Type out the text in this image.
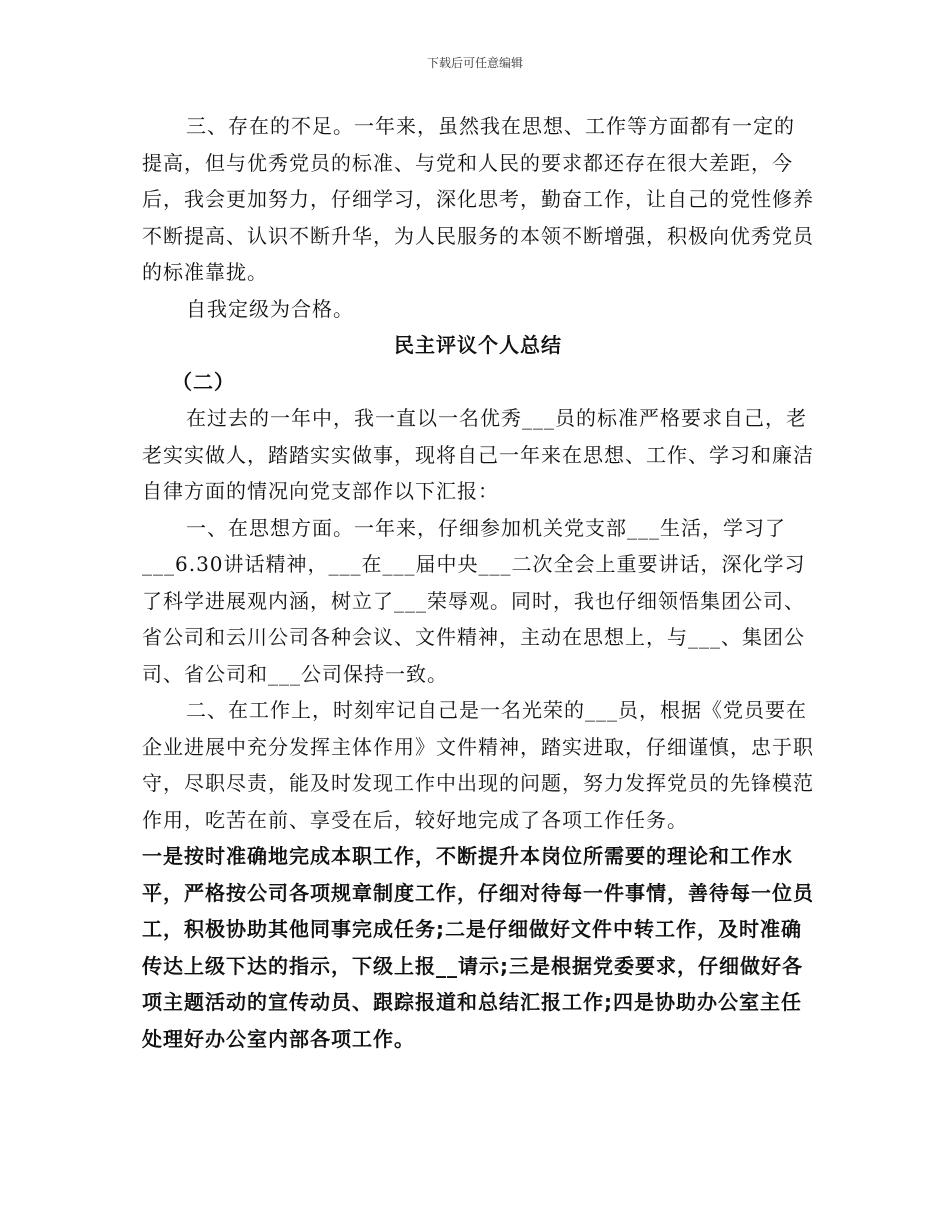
下载后可任意编辑

三、存在的不足。一年来，虽然我在思想、工作等方面都有一定的提高，但与优秀党员的标准、与党和人民的要求都还存在很大差距，今后，我会更加努力，仔细学习，深化思考，勤奋工作，让自己的党性修养不断提高、认识不断升华，为人民服务的本领不断增强，积极向优秀党员的标准靠拢。

自我定级为合格。

民主评议个人总结

（二）

在过去的一年中，我一直以一名优秀___员的标准严格要求自己，老老实实做人，踏踏实实做事，现将自己一年来在思想、工作、学习和廉洁自律方面的情况向党支部作以下汇报：

一、在思想方面。一年来，仔细参加机关党支部___生活，学习了___6.30讲话精神，___在___届中央___二次全会上重要讲话，深化学习了科学进展观内涵，树立了___荣辱观。同时，我也仔细领悟集团公司、省公司和云川公司各种会议、文件精神，主动在思想上，与___、集团公司、省公司和___公司保持一致。

二、在工作上，时刻牢记自己是一名光荣的___员，根据《党员要在企业进展中充分发挥主体作用》文件精神，踏实进取，仔细谨慎，忠于职守，尽职尽责，能及时发现工作中出现的问题，努力发挥党员的先锋模范作用，吃苦在前、享受在后，较好地完成了各项工作任务。

一是按时准确地完成本职工作，不断提升本岗位所需要的理论和工作水平，严格按公司各项规章制度工作，仔细对待每一件事情，善待每一位员工，积极协助其他同事完成任务;二是仔细做好文件中转工作，及时准确传达上级下达的指示，下级上报__请示;三是根据党委要求，仔细做好各项主题活动的宣传动员、跟踪报道和总结汇报工作;四是协助办公室主任处理好办公室内部各项工作。
